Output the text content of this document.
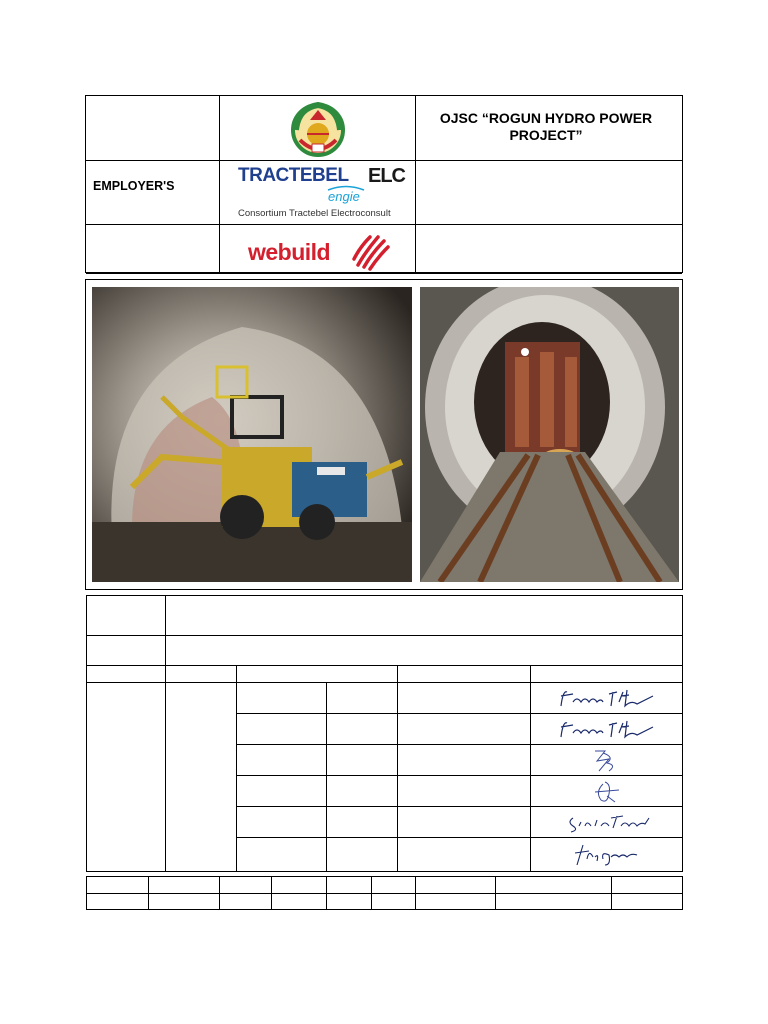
EMPLOYER'S
OJSC “ROGUN HYDRO POWER PROJECT”
TRACTEBEL ELC
engie
Consortium Tractebel Electroconsult
webuild
